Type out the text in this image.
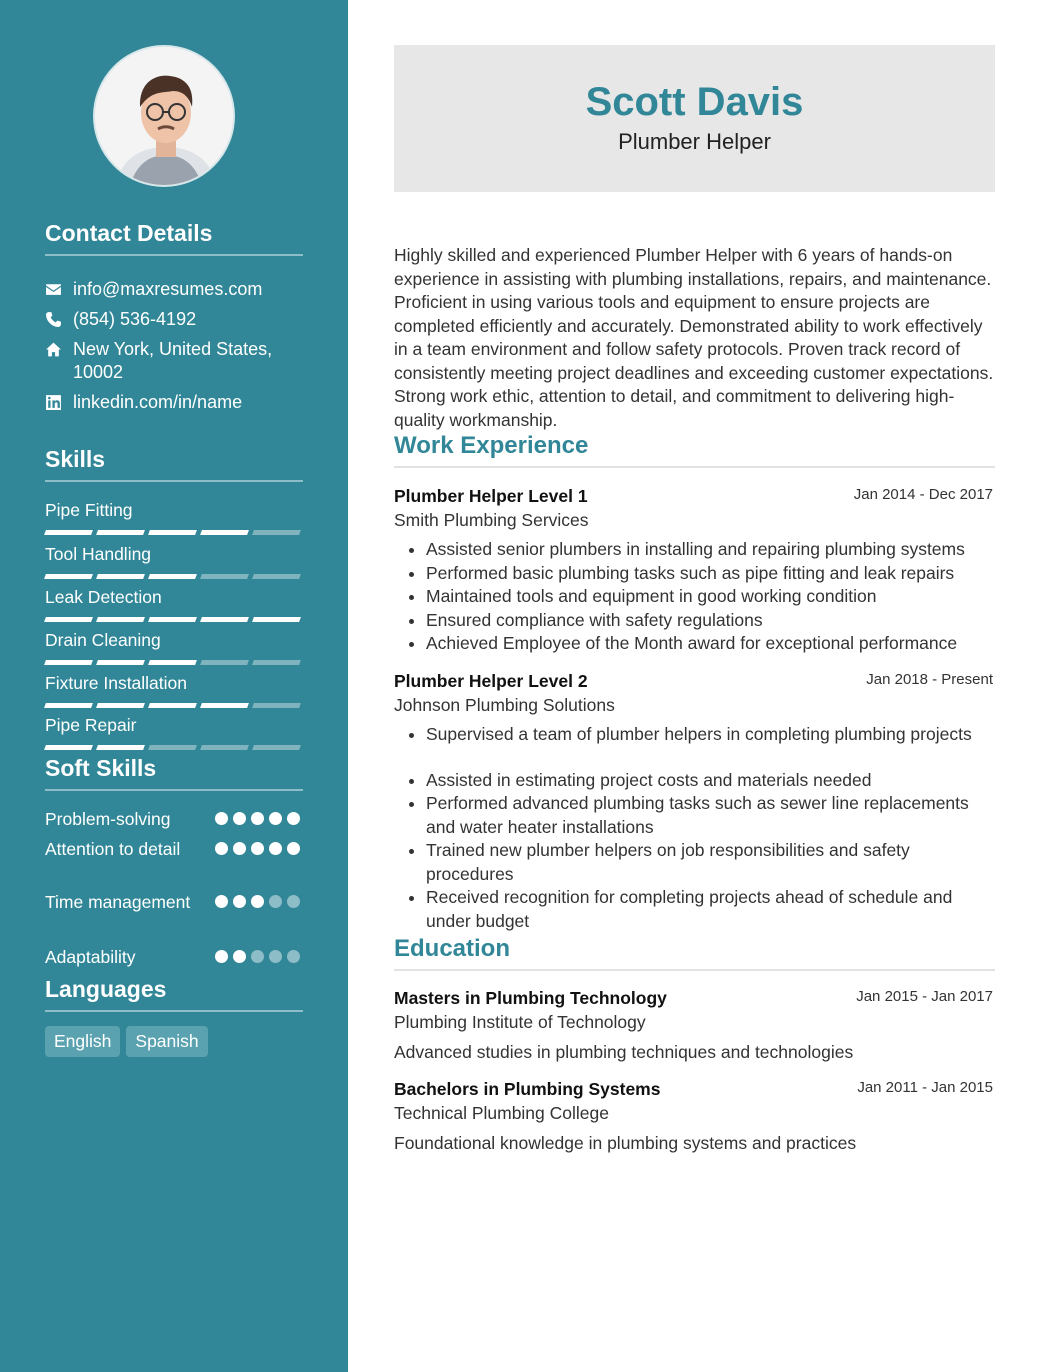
Contact Details
info@maxresumes.com
(854) 536-4192
New York, United States, 10002
linkedin.com/in/name
Skills
Pipe Fitting
Tool Handling
Leak Detection
Drain Cleaning
Fixture Installation
Pipe Repair
Soft Skills
Problem-solving
Attention to detail
Time management
Adaptability
Languages
English	Spanish
Scott Davis
Plumber Helper
Highly skilled and experienced Plumber Helper with 6 years of hands-on experience in assisting with plumbing installations, repairs, and maintenance. Proficient in using various tools and equipment to ensure projects are completed efficiently and accurately. Demonstrated ability to work effectively in a team environment and follow safety protocols. Proven track record of consistently meeting project deadlines and exceeding customer expectations. Strong work ethic, attention to detail, and commitment to delivering high-quality workmanship.
Work Experience
Plumber Helper Level 1	Jan 2014 - Dec 2017
Smith Plumbing Services
• Assisted senior plumbers in installing and repairing plumbing systems
• Performed basic plumbing tasks such as pipe fitting and leak repairs
• Maintained tools and equipment in good working condition
• Ensured compliance with safety regulations
• Achieved Employee of the Month award for exceptional performance
Plumber Helper Level 2	Jan 2018 - Present
Johnson Plumbing Solutions
• Supervised a team of plumber helpers in completing plumbing projects
• Assisted in estimating project costs and materials needed
• Performed advanced plumbing tasks such as sewer line replacements and water heater installations
• Trained new plumber helpers on job responsibilities and safety procedures
• Received recognition for completing projects ahead of schedule and under budget
Education
Masters in Plumbing Technology	Jan 2015 - Jan 2017
Plumbing Institute of Technology
Advanced studies in plumbing techniques and technologies
Bachelors in Plumbing Systems	Jan 2011 - Jan 2015
Technical Plumbing College
Foundational knowledge in plumbing systems and practices
